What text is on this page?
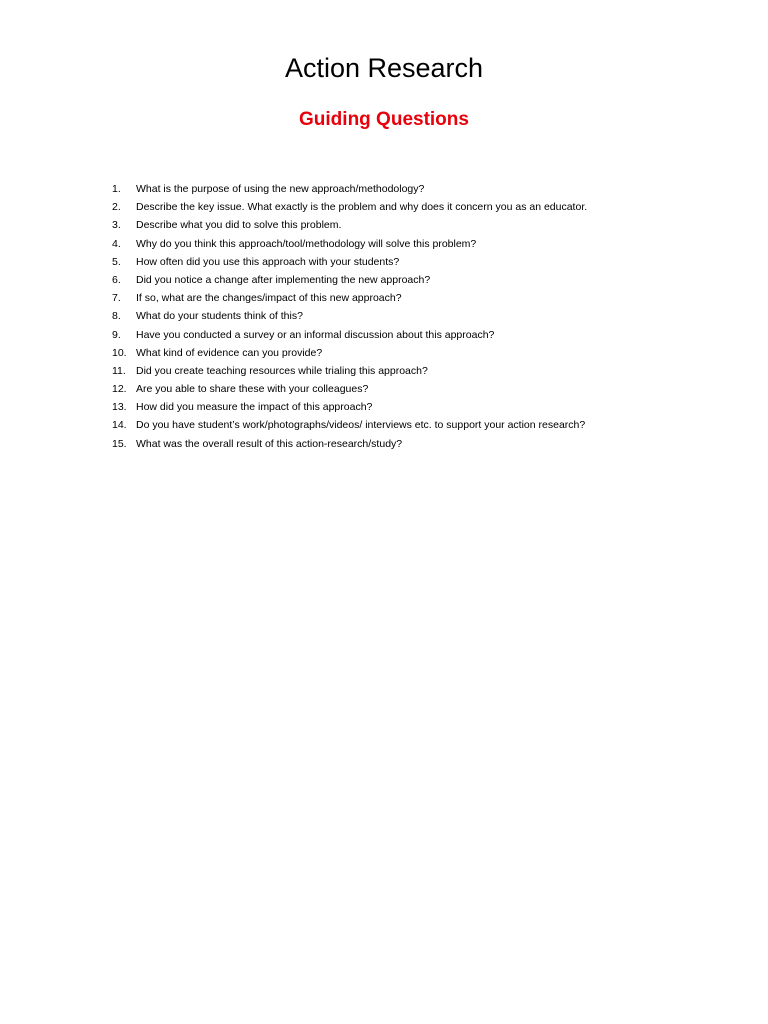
Action Research
Guiding Questions
1.	What is the purpose of using the new approach/methodology?
2.	Describe the key issue. What exactly is the problem and why does it concern you as an educator.
3.	Describe what you did to solve this problem.
4.	Why do you think this approach/tool/methodology will solve this problem?
5.	How often did you use this approach with your students?
6.	Did you notice a change after implementing the new approach?
7.	If so, what are the changes/impact of this new approach?
8.	What do your students think of this?
9.	Have you conducted a survey or an informal discussion about this approach?
10. What kind of evidence can you provide?
11. Did you create teaching resources while trialing this approach?
12. Are you able to share these with your colleagues?
13. How did you measure the impact of this approach?
14. Do you have student’s work/photographs/videos/ interviews etc. to support your action research?
15. What was the overall result of this action-research/study?
